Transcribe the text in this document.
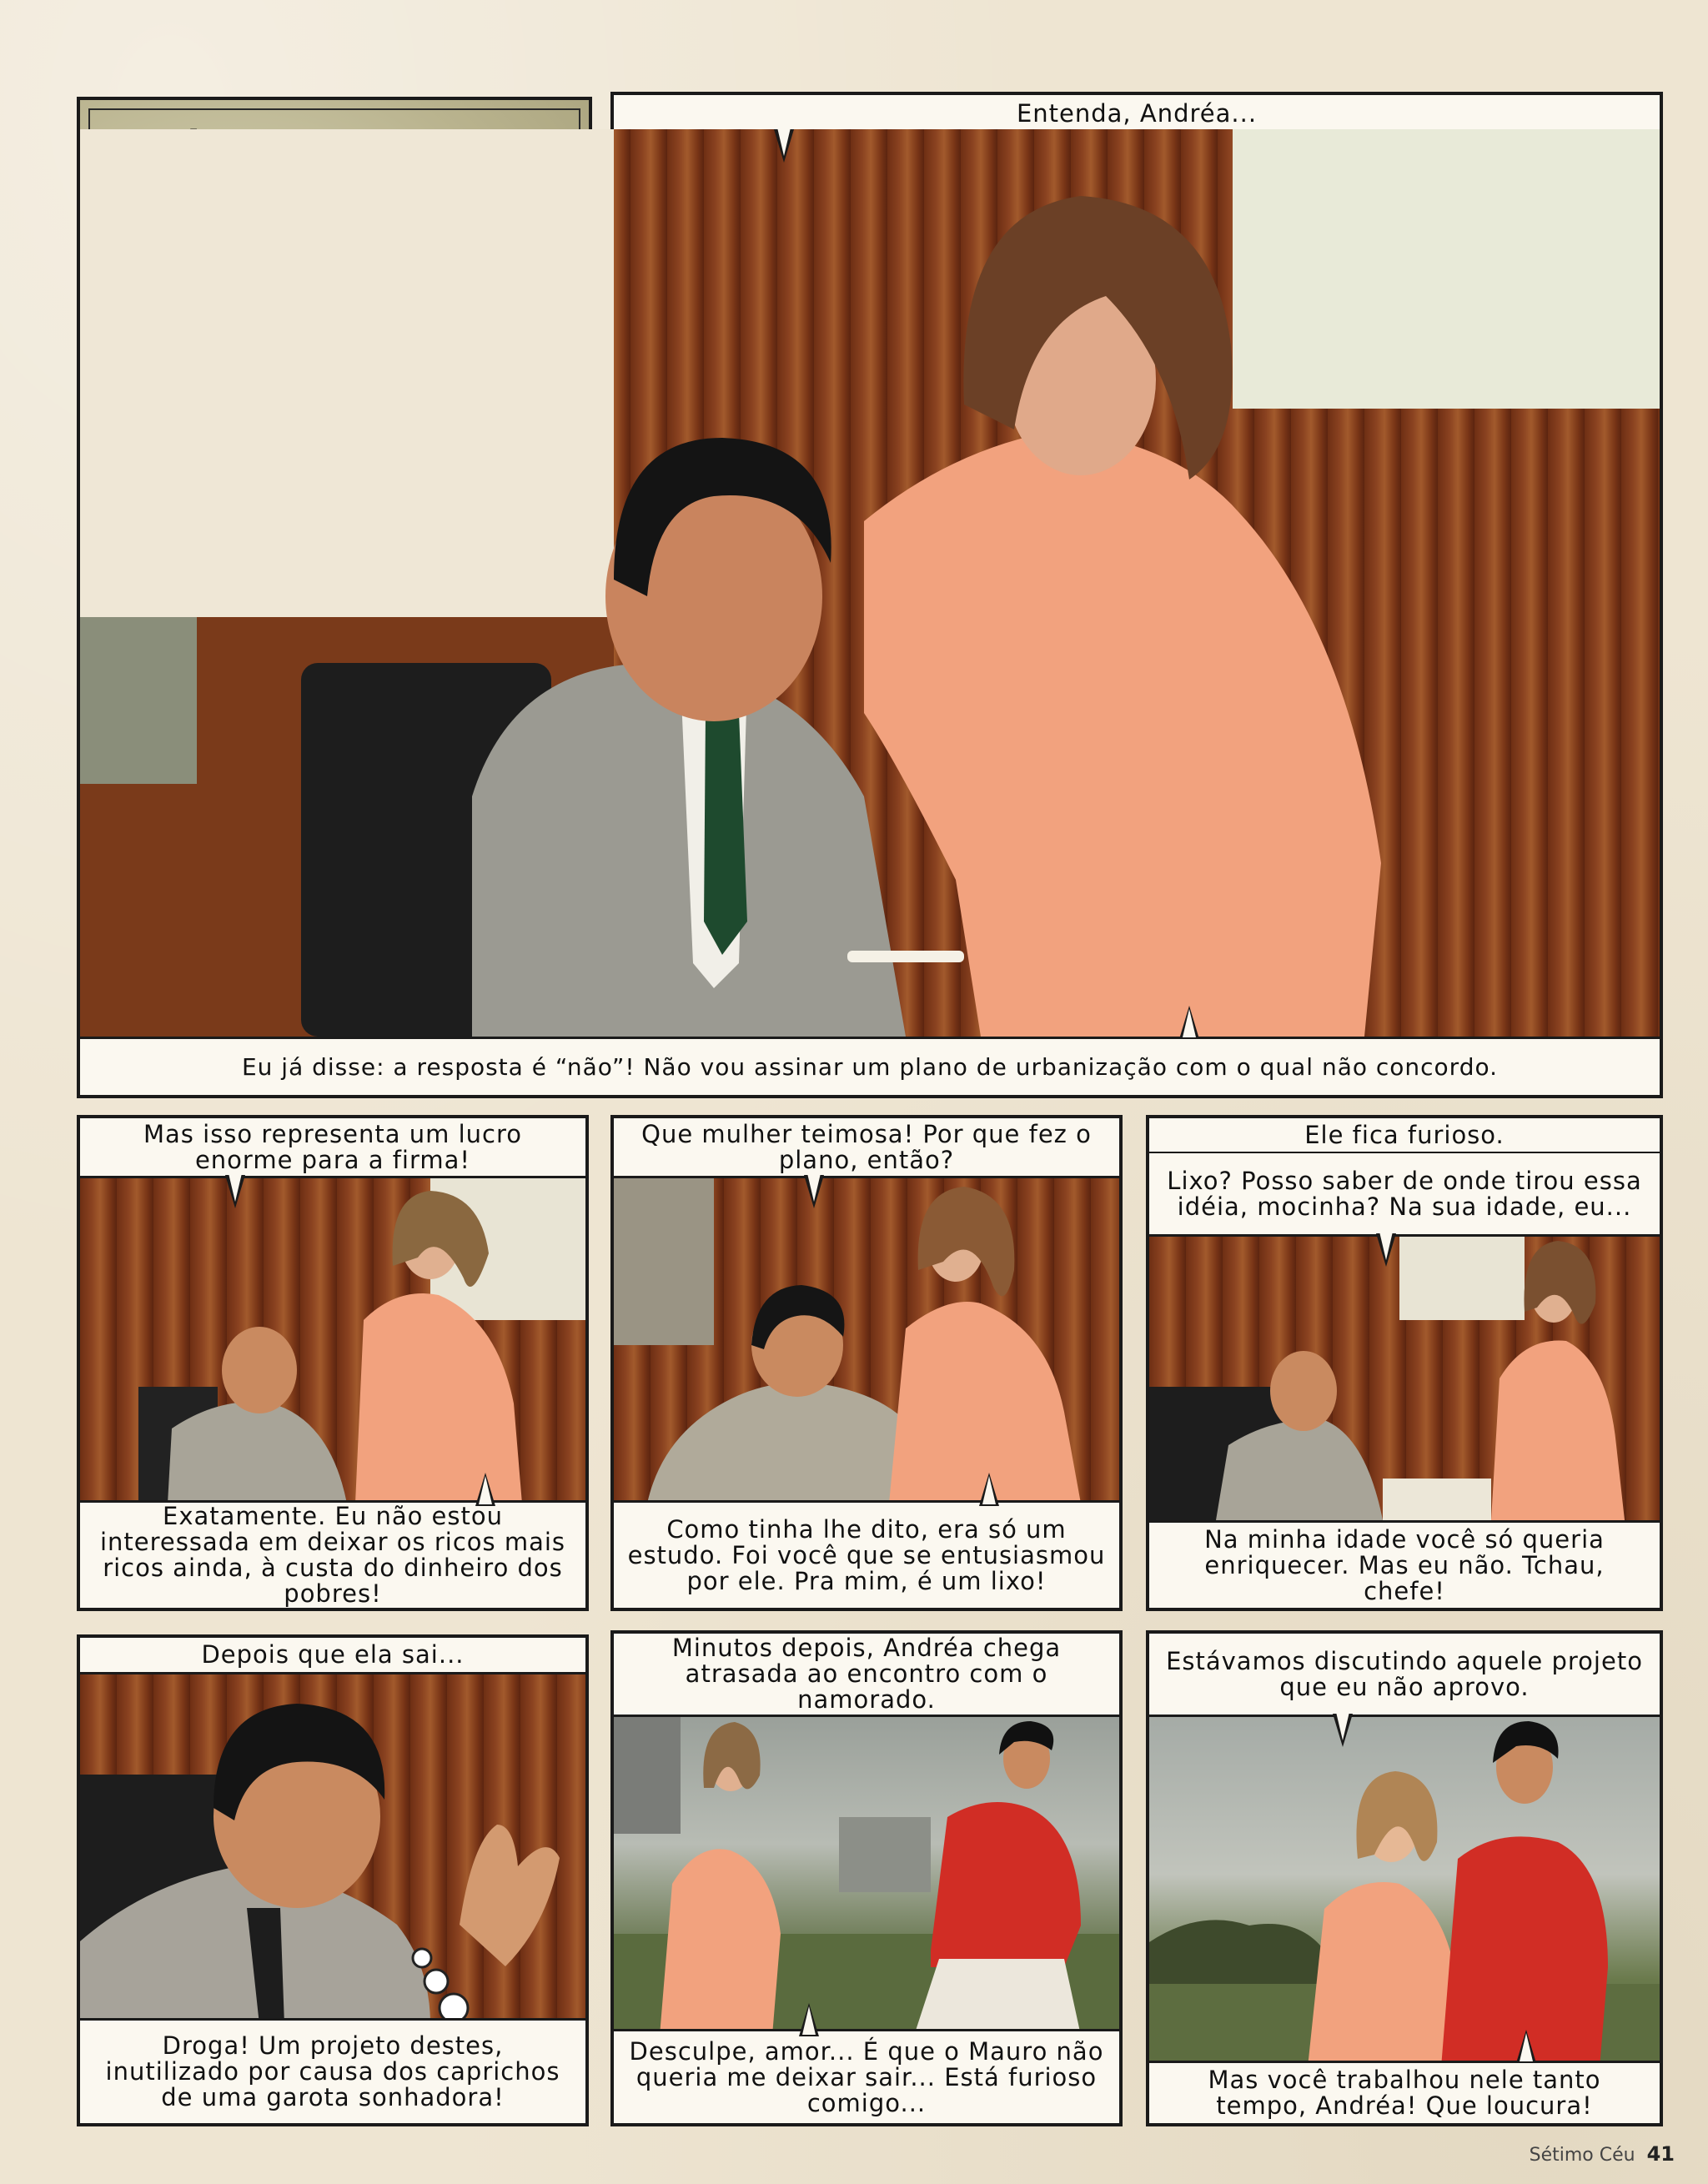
Entenda, Andréa...
Eu já disse: a resposta é “não”! Não vou assinar um plano de urbanização com o qual não concordo.
Mas isso representa um lucro enorme para a firma!
Exatamente. Eu não estou interessada em deixar os ricos mais ricos ainda, à custa do dinheiro dos pobres!
Que mulher teimosa! Por que fez o plano, então?
Como tinha lhe dito, era só um estudo. Foi você que se entusiasmou por ele. Pra mim, é um lixo!
Ele fica furioso.
Lixo? Posso saber de onde tirou essa idéia, mocinha? Na sua idade, eu...
Na minha idade você só queria enriquecer. Mas eu não. Tchau, chefe!
Depois que ela sai...
Droga! Um projeto destes, inutilizado por causa dos caprichos de uma garota sonhadora!
Minutos depois, Andréa chega atrasada ao encontro com o namorado.
Desculpe, amor... É que o Mauro não queria me deixar sair... Está furioso comigo...
Estávamos discutindo aquele projeto que eu não aprovo.
Mas você trabalhou nele tanto tempo, Andréa! Que loucura!
Sétimo Céu 41
